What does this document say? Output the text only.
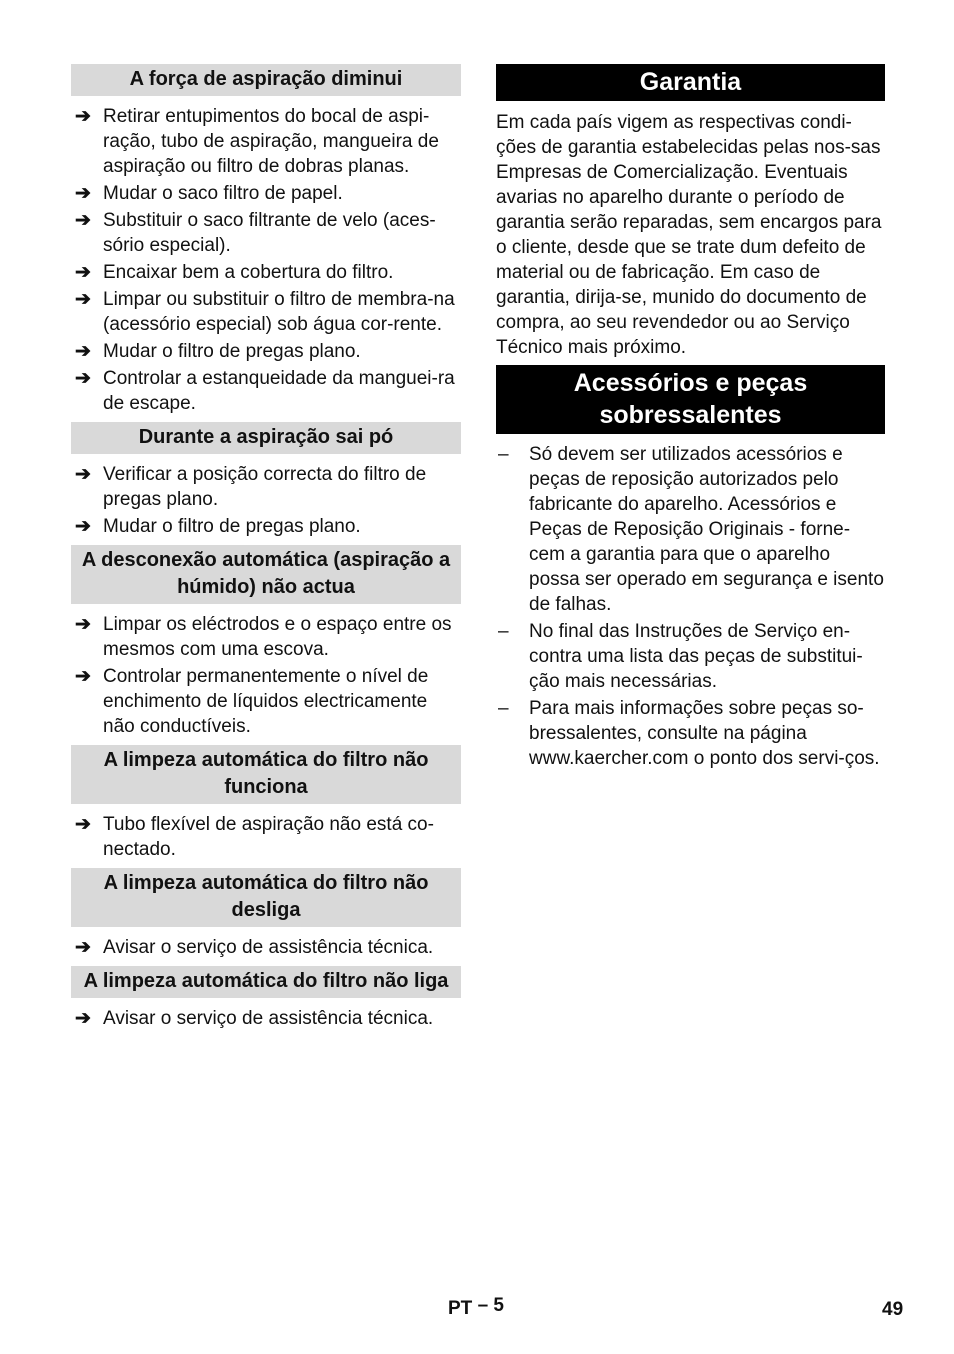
A força de aspiração diminui
➔ Retirar entupimentos do bocal de aspi-ração, tubo de aspiração, mangueira de aspiração ou filtro de dobras planas.
➔ Mudar o saco filtro de papel.
➔ Substituir o saco filtrante de velo (aces-sório especial).
➔ Encaixar bem a cobertura do filtro.
➔ Limpar ou substituir o filtro de membra-na (acessório especial) sob água cor-rente.
➔ Mudar o filtro de pregas plano.
➔ Controlar a estanqueidade da manguei-ra de escape.
Durante a aspiração sai pó
➔ Verificar a posição correcta do filtro de pregas plano.
➔ Mudar o filtro de pregas plano.
A desconexão automática (aspiração a húmido) não actua
➔ Limpar os eléctrodos e o espaço entre os mesmos com uma escova.
➔ Controlar permanentemente o nível de enchimento de líquidos electricamente não conductíveis.
A limpeza automática do filtro não funciona
➔ Tubo flexível de aspiração não está co-nectado.
A limpeza automática do filtro não desliga
➔ Avisar o serviço de assistência técnica.
A limpeza automática do filtro não liga
➔ Avisar o serviço de assistência técnica.
Garantia

Em cada país vigem as respectivas condi-ções de garantia estabelecidas pelas nos-sas Empresas de Comercialização. Eventuais avarias no aparelho durante o período de garantia serão reparadas, sem encargos para o cliente, desde que se trate dum defeito de material ou de fabricação. Em caso de garantia, dirija-se, munido do documento de compra, ao seu revendedor ou ao Serviço Técnico mais próximo.

Acessórios e peças sobressalentes
– Só devem ser utilizados acessórios e peças de reposição autorizados pelo fabricante do aparelho. Acessórios e Peças de Reposição Originais - forne-cem a garantia para que o aparelho possa ser operado em segurança e isento de falhas.
– No final das Instruções de Serviço en-contra uma lista das peças de substitui-ção mais necessárias.
– Para mais informações sobre peças so-bressalentes, consulte na página www.kaercher.com o ponto dos servi-ços.
PT – 5	49
